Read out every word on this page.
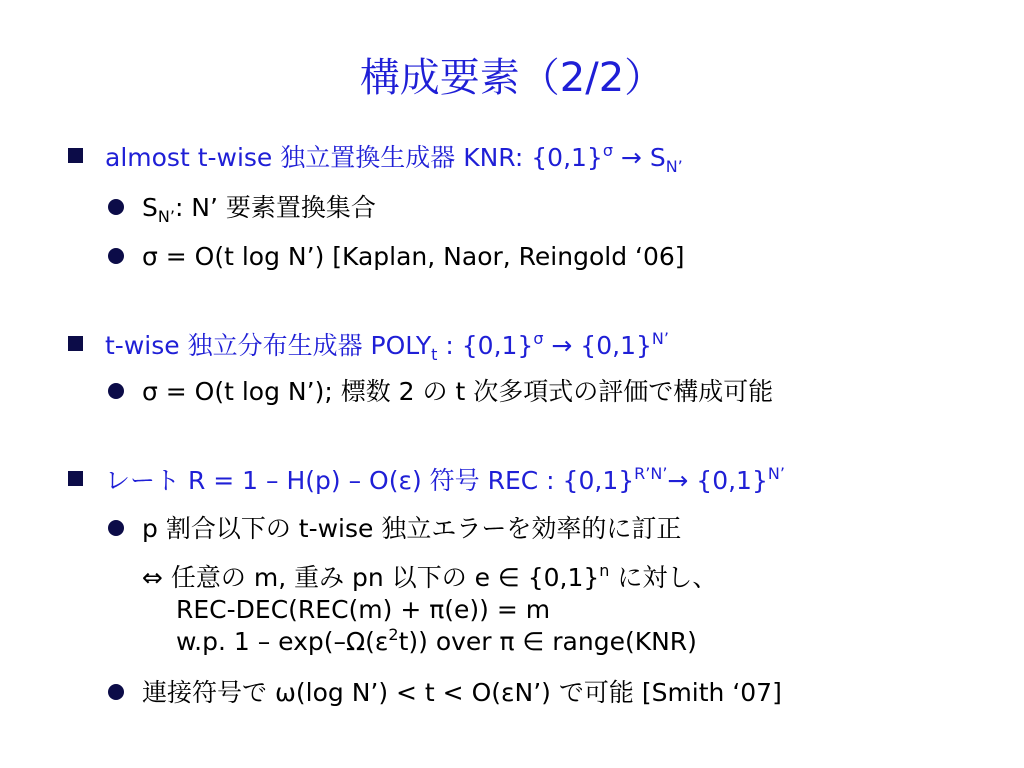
構成要素（2/2）
almost t-wise 独立置換生成器 KNR: $\{0,1\}^\sigma \to S_{N’}$
$S_{N’}$: N’ 要素置換集合
σ = O(t log N’) [Kaplan, Naor, Reingold ‘06]
t-wise 独立分布生成器 $POLY_t$ : $\{0,1\}^\sigma \to \{0,1\}^{N’}$
σ = O(t log N’); 標数 2 の t 次多項式の評価で構成可能
レート R = 1 – H(p) – O(ε) 符号 REC : $\{0,1\}^{R’N’}\to \{0,1\}^{N’}$
p 割合以下の t-wise 独立エラーを効率的に訂正
⇔ 任意の m, 重み pn 以下の e ∈ $\{0,1\}^n$ に対し、
REC-DEC(REC(m) + π(e)) = m
w.p. $1 - \exp(-\Omega(\varepsilon^2t))$ over π ∈ range(KNR)
連接符号で ω(log N’) < t < O(εN’) で可能 [Smith ‘07]
